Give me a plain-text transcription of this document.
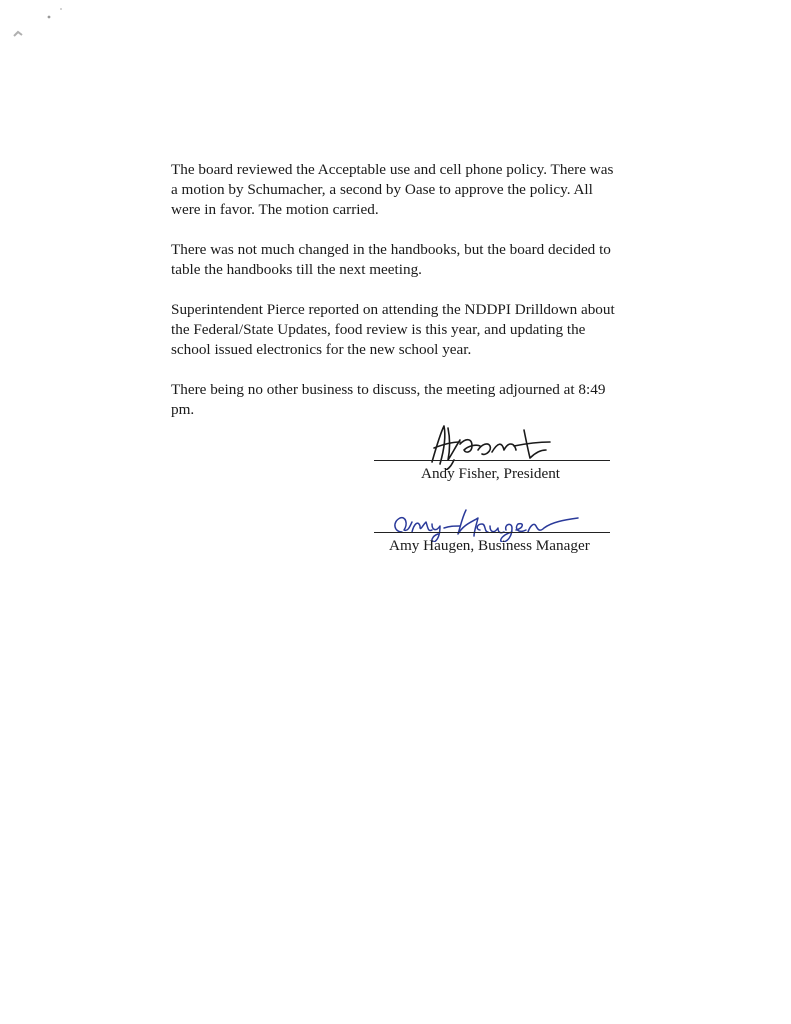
The board reviewed the Acceptable use and cell phone policy. There was
a motion by Schumacher, a second by Oase to approve the policy. All
were in favor. The motion carried.

There was not much changed in the handbooks, but the board decided to
table the handbooks till the next meeting.

Superintendent Pierce reported on attending the NDDPI Drilldown about
the Federal/State Updates, food review is this year, and updating the
school issued electronics for the new school year.

There being no other business to discuss, the meeting adjourned at 8:49
pm.

Andy Fisher, President
Amy Haugen, Business Manager
